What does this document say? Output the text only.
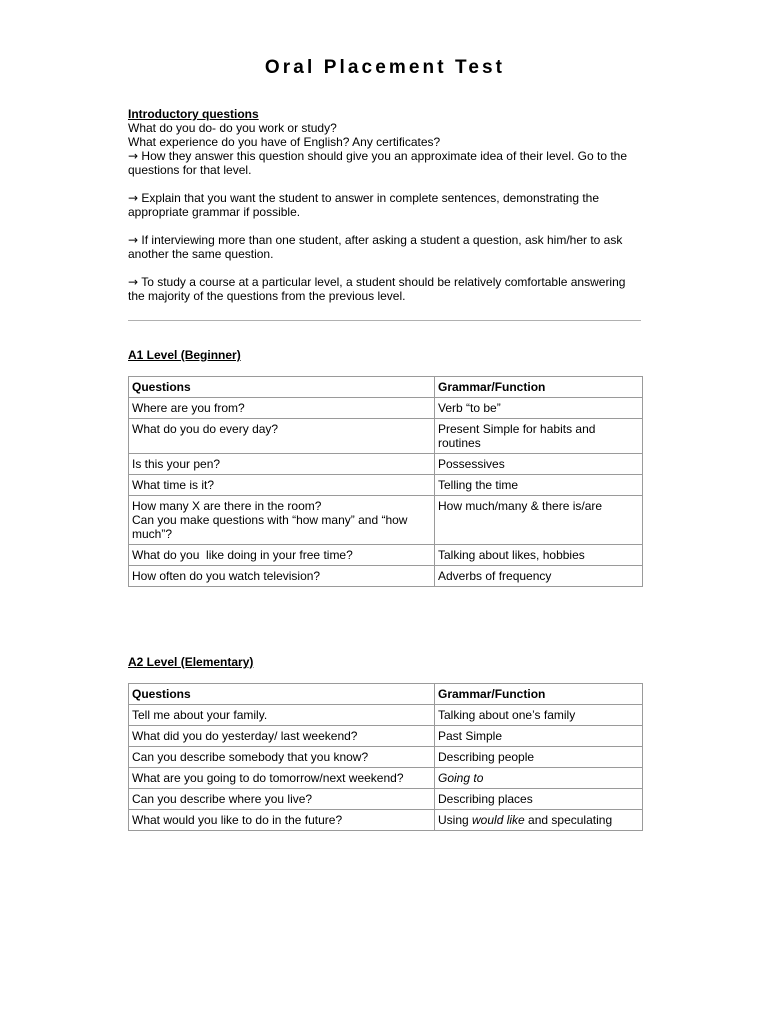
Oral Placement Test

Introductory questions

What do you do- do you work or study?

What experience do you have of English? Any certificates?

→ How they answer this question should give you an approximate idea of their level. Go to the questions for that level.

→ Explain that you want the student to answer in complete sentences, demonstrating the appropriate grammar if possible.

→ If interviewing more than one student, after asking a student a question, ask him/her to ask another the same question.

→ To study a course at a particular level, a student should be relatively comfortable answering the majority of the questions from the previous level.

A1 Level (Beginner)
Questions	Grammar/Function
Where are you from?	Verb “to be”
What do you do every day?	Present Simple for habits and routines
Is this your pen?	Possessives
What time is it?	Telling the time

How many X are there in the room?
Can you make questions with “how many” and “how much”?	How much/many & there is/are
What do you  like doing in your free time?	Talking about likes, hobbies
How often do you watch television?	Adverbs of frequency
A2 Level (Elementary)
Questions	Grammar/Function
Tell me about your family.	Talking about one’s family
What did you do yesterday/ last weekend?	Past Simple
Can you describe somebody that you know?	Describing people
What are you going to do tomorrow/next weekend?	Going to
Can you describe where you live?	Describing places
What would you like to do in the future?	Using would like and speculating
